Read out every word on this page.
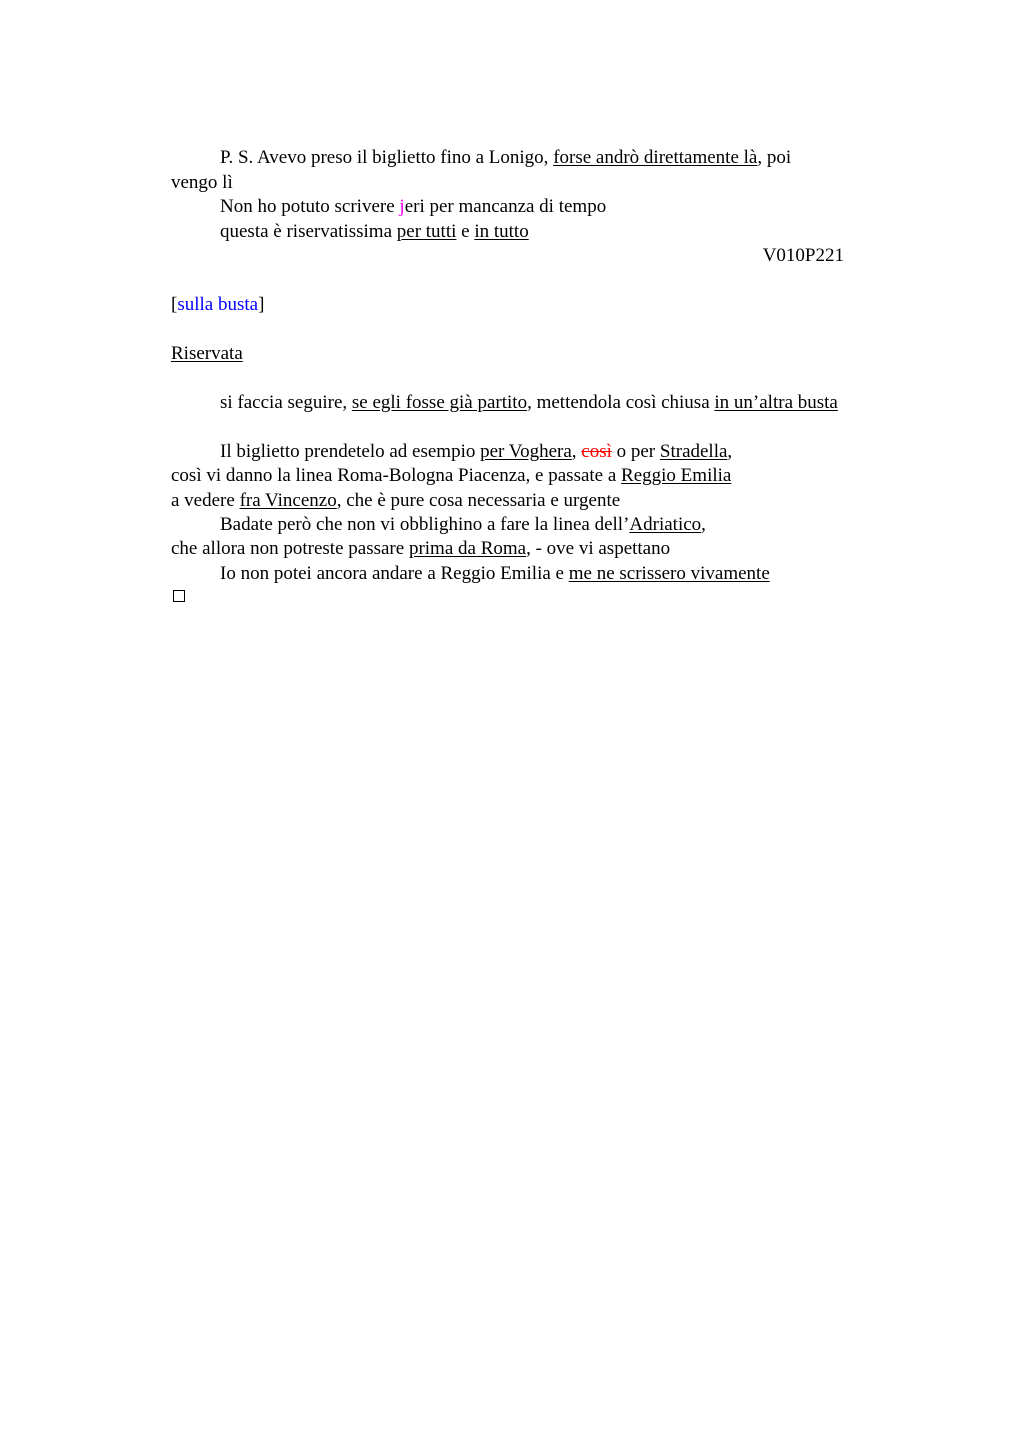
P. S. Avevo preso il biglietto fino a Lonigo, forse andrò direttamente là, poi
vengo lì
Non ho potuto scrivere jeri per mancanza di tempo
questa è riservatissima per tutti e in tutto
V010P221
[sulla busta]
Riservata
si faccia seguire, se egli fosse già partito, mettendola così chiusa in un’altra busta
Il biglietto prendetelo ad esempio per Voghera, così o per Stradella,
così vi danno la linea Roma-Bologna Piacenza, e passate a Reggio Emilia
a vedere fra Vincenzo, che è pure cosa necessaria e urgente
Badate però che non vi obblighino a fare la linea dell’Adriatico,
che allora non potreste passare prima da Roma, - ove vi aspettano
Io non potei ancora andare a Reggio Emilia e me ne scrissero vivamente
